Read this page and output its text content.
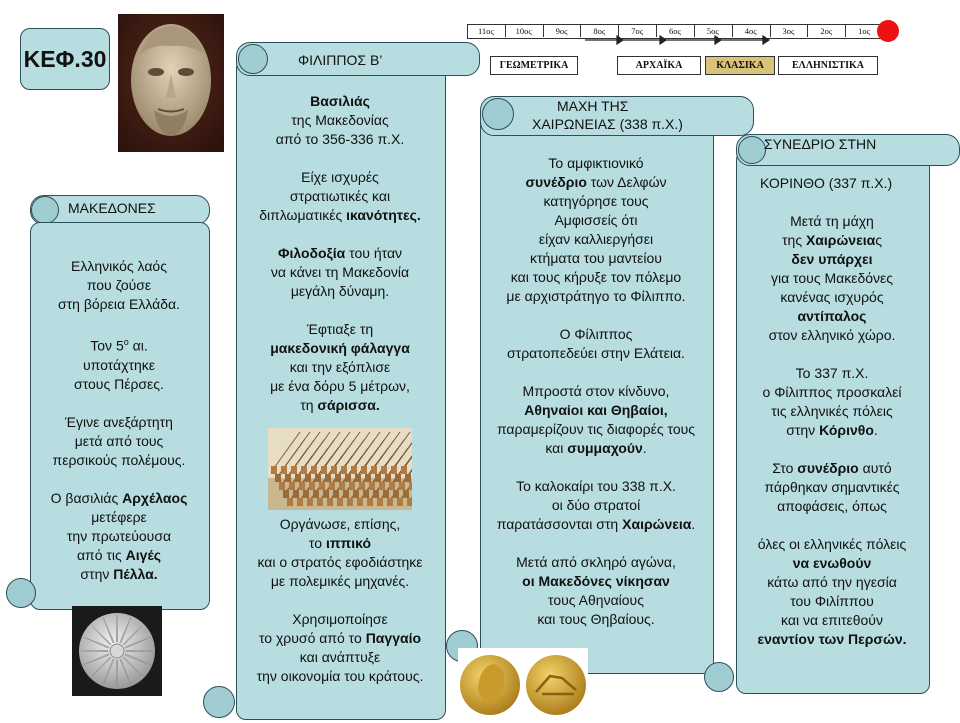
ΚΕΦ.30
11ος	10ος	9ος	8ος	7ος	6ος	5ος	4ος	3ος	2ος	1ος
ΓΕΩΜΕΤΡΙΚΑ	ΑΡΧΑΪΚΑ	ΚΛΑΣΙΚΑ	ΕΛΛΗΝΙΣΤΙΚΑ
ΜΑΚΕΔΟΝΕΣ

Ελληνικός λαός

που ζούσε

στη βόρεια Ελλάδα.

Τον $5^o$ αι.

υποτάχτηκε

στους Πέρσες.

Έγινε ανεξάρτητη

μετά από τους

περσικούς πολέμους.

Ο βασιλιάς Αρχέλαος

μετέφερε

την πρωτεύουσα

από τις Αιγές

στην Πέλλα.

ΦΙΛΙΠΠΟΣ Β’

Βασιλιάς

της Μακεδονίας

από το 356-336 π.Χ.

Είχε ισχυρές

στρατιωτικές και

διπλωματικές ικανότητες.

Φιλοδοξία του ήταν

να κάνει τη Μακεδονία

μεγάλη δύναμη.

Έφτιαξε τη

μακεδονική φάλαγγα

και την εξόπλισε

με ένα δόρυ 5 μέτρων,

τη σάρισσα.

Οργάνωσε, επίσης,

το ιππικό

και ο στρατός εφοδιάστηκε

με πολεμικές μηχανές.

Χρησιμοποίησε

το χρυσό από το Παγγαίο

και ανάπτυξε

την οικονομία του κράτους.

ΜΑΧΗ ΤΗΣ
ΧΑΙΡΩΝΕΙΑΣ (338 π.Χ.)

Το αμφικτιονικό

συνέδριο των Δελφών

κατηγόρησε τους

Αμφισσείς ότι

είχαν καλλιεργήσει

κτήματα του μαντείου

και τους κήρυξε τον πόλεμο

με αρχιστράτηγο το Φίλιππο.

Ο Φίλιππος

στρατοπεδεύει στην Ελάτεια.

Μπροστά στον κίνδυνο,

Αθηναίοι και Θηβαίοι,

παραμερίζουν τις διαφορές τους

και συμμαχούν.

Το καλοκαίρι του 338 π.Χ.

οι δύο στρατοί

παρατάσσονται στη Χαιρώνεια.

Μετά από σκληρό αγώνα,

οι Μακεδόνες νίκησαν

τους Αθηναίους

και τους Θηβαίους.

ΣΥΝΕΔΡΙΟ ΣΤΗΝ
ΚΟΡΙΝΘΟ (337 π.Χ.)

Μετά τη μάχη

της Χαιρώνειας

δεν υπάρχει

για τους Μακεδόνες

κανένας ισχυρός

αντίπαλος

στον ελληνικό χώρο.

Το 337 π.Χ.

ο Φίλιππος προσκαλεί

τις ελληνικές πόλεις

στην Κόρινθο.

Στο συνέδριο αυτό

πάρθηκαν σημαντικές

αποφάσεις, όπως

όλες οι ελληνικές πόλεις

να ενωθούν

κάτω από την ηγεσία

του Φιλίππου

και να επιτεθούν

εναντίον των Περσών.
